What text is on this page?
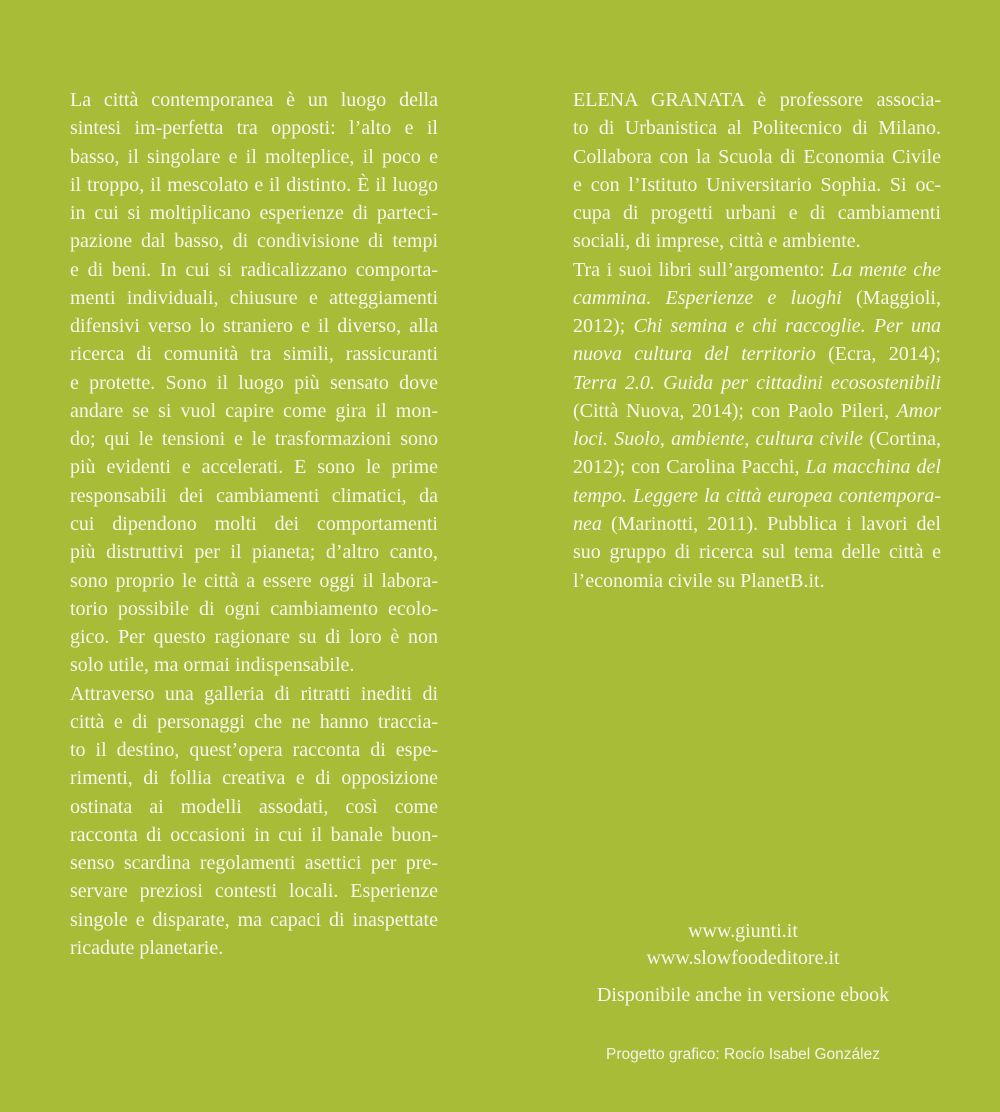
La città contemporanea è un luogo della
sintesi im-perfetta tra opposti: l’alto e il
basso, il singolare e il molteplice, il poco e
il troppo, il mescolato e il distinto. È il luogo
in cui si moltiplicano esperienze di parteci-
pazione dal basso, di condivisione di tempi
e di beni. In cui si radicalizzano comporta-
menti individuali, chiusure e atteggiamenti
difensivi verso lo straniero e il diverso, alla
ricerca di comunità tra simili, rassicuranti
e protette. Sono il luogo più sensato dove
andare se si vuol capire come gira il mon-
do; qui le tensioni e le trasformazioni sono
più evidenti e accelerati. E sono le prime
responsabili dei cambiamenti climatici, da
cui dipendono molti dei comportamenti
più distruttivi per il pianeta; d’altro canto,
sono proprio le città a essere oggi il labora-
torio possibile di ogni cambiamento ecolo-
gico. Per questo ragionare su di loro è non
solo utile, ma ormai indispensabile.
Attraverso una galleria di ritratti inediti di
città e di personaggi che ne hanno traccia-
to il destino, quest’opera racconta di espe-
rimenti, di follia creativa e di opposizione
ostinata ai modelli assodati, così come
racconta di occasioni in cui il banale buon-
senso scardina regolamenti asettici per pre-
servare preziosi contesti locali. Esperienze
singole e disparate, ma capaci di inaspettate
ricadute planetarie.
ELENA GRANATA è professore associa-
to di Urbanistica al Politecnico di Milano.
Collabora con la Scuola di Economia Civile
e con l’Istituto Universitario Sophia. Si oc-
cupa di progetti urbani e di cambiamenti
sociali, di imprese, città e ambiente.
Tra i suoi libri sull’argomento: La mente che
cammina. Esperienze e luoghi (Maggioli,
2012); Chi semina e chi raccoglie. Per una
nuova cultura del territorio (Ecra, 2014);
Terra 2.0. Guida per cittadini ecosostenibili
(Città Nuova, 2014); con Paolo Pileri, Amor
loci. Suolo, ambiente, cultura civile (Cortina,
2012); con Carolina Pacchi, La macchina del
tempo. Leggere la città europea contempora-
nea (Marinotti, 2011). Pubblica i lavori del
suo gruppo di ricerca sul tema delle città e
l’economia civile su PlanetB.it.
www.giunti.it
www.slowfoodeditore.it
Disponibile anche in versione ebook
Progetto grafico: Rocío Isabel González
